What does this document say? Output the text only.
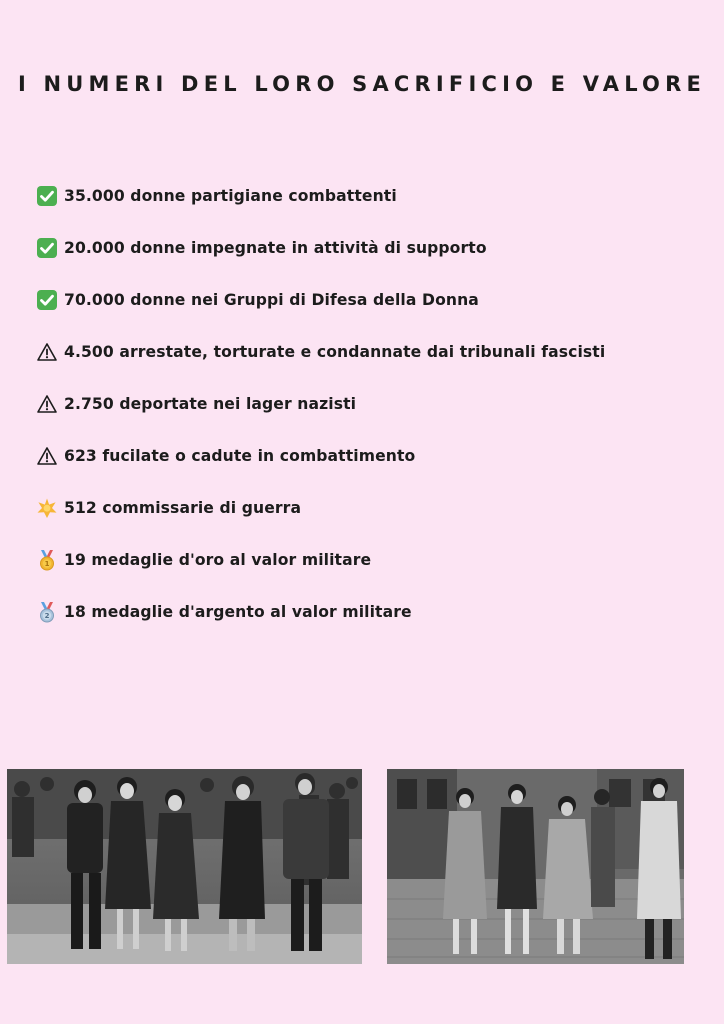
I NUMERI DEL LORO SACRIFICIO E VALORE
35.000 donne partigiane combattenti
20.000 donne impegnate in attività di supporto
70.000 donne nei Gruppi di Difesa della Donna
4.500 arrestate, torturate e condannate dai tribunali fascisti
2.750 deportate nei lager nazisti
623 fucilate o cadute in combattimento
512 commissarie di guerra
1 19 medaglie d'oro al valor militare
2 18 medaglie d'argento al valor militare
